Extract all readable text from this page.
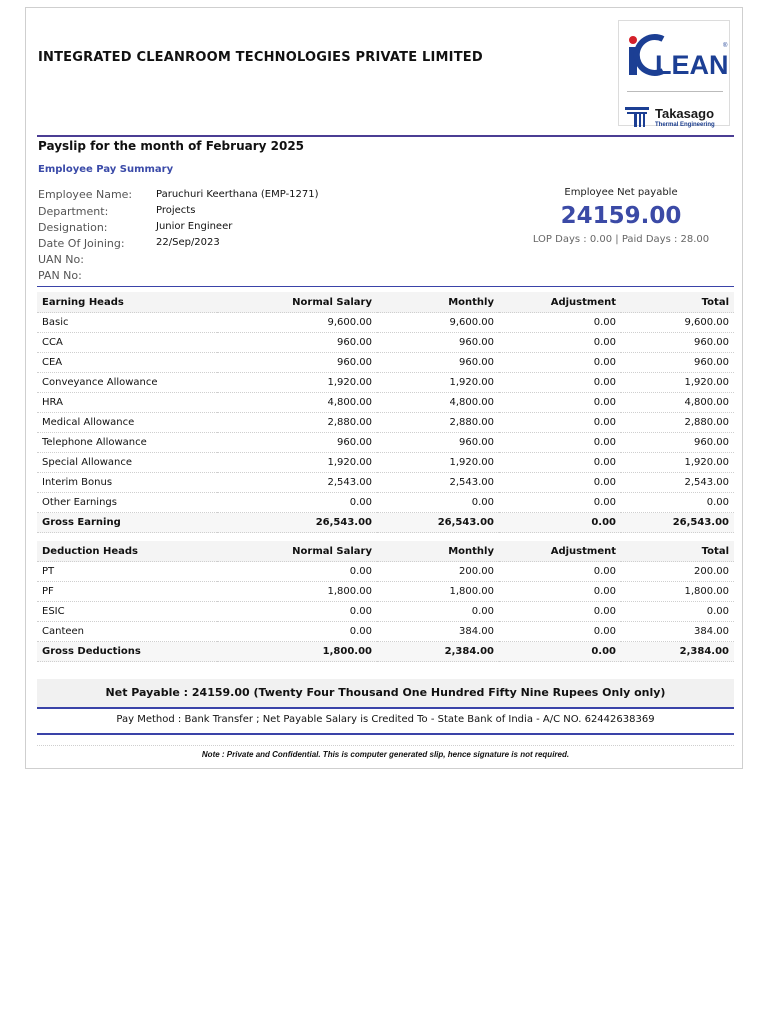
INTEGRATED CLEANROOM TECHNOLOGIES PRIVATE LIMITED	LEAN
®
Takasago
Thermal Engineering
Payslip for the month of February 2025
Employee Pay Summary
Employee Name: Paruchuri Keerthana (EMP-1271)
Department:	Projects
Designation:	Junior Engineer
Date Of Joining:	22/Sep/2023
UAN No:
PAN No:
Employee Net payable
24159.00
LOP Days : 0.00 | Paid Days : 28.00
Earning Heads	Normal Salary	Monthly	Adjustment	Total
Basic	9,600.00	9,600.00	0.00	9,600.00
CCA	960.00	960.00	0.00	960.00
CEA	960.00	960.00	0.00	960.00
Conveyance Allowance	1,920.00	1,920.00	0.00	1,920.00
HRA	4,800.00	4,800.00	0.00	4,800.00
Medical Allowance	2,880.00	2,880.00	0.00	2,880.00
Telephone Allowance	960.00	960.00	0.00	960.00
Special Allowance	1,920.00	1,920.00	0.00	1,920.00
Interim Bonus	2,543.00	2,543.00	0.00	2,543.00
Other Earnings	0.00	0.00	0.00	0.00
Gross Earning	26,543.00	26,543.00	0.00	26,543.00
Deduction Heads	Normal Salary	Monthly	Adjustment	Total
PT	0.00	200.00	0.00	200.00
PF	1,800.00	1,800.00	0.00	1,800.00
ESIC	0.00	0.00	0.00	0.00
Canteen	0.00	384.00	0.00	384.00
Gross Deductions	1,800.00	2,384.00	0.00	2,384.00
Net Payable : 24159.00 (Twenty Four Thousand One Hundred Fifty Nine Rupees Only only)
Pay Method : Bank Transfer ; Net Payable Salary is Credited To - State Bank of India - A/C NO. 62442638369
Note : Private and Confidential. This is computer generated slip, hence signature is not required.
